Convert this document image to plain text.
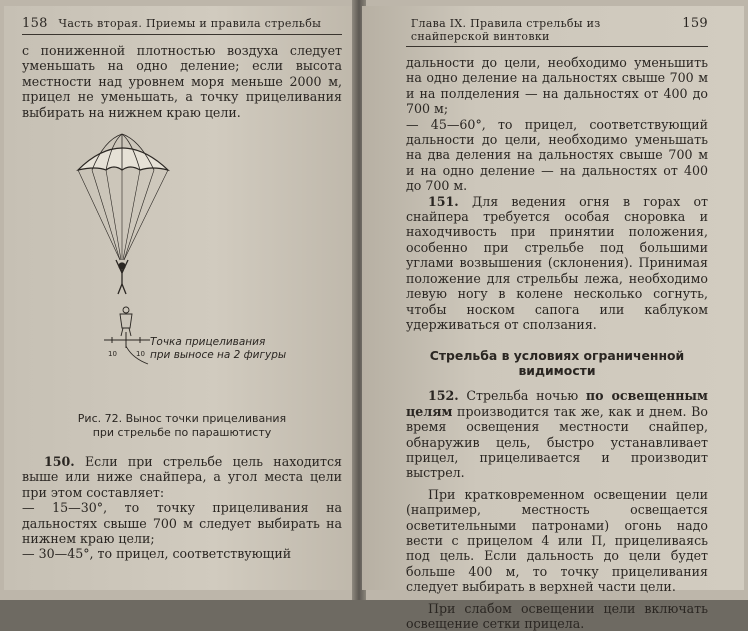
158 Часть вторая. Приемы и правила стрельбы

с пониженной плотностью воздуха следует уменьшать на одно деление; если высота местности над уровнем моря меньше 2000 м, прицел не уменьшать, а точку прицеливания выбирать на нижнем краю цели.

10	10
Точка прицеливания
при выносе на 2 фигуры
Рис. 72. Вынос точки прицеливания
при стрельбе по парашютисту

150. Если при стрельбе цель находится выше или ниже снайпера, а угол места цели при этом составляет:

— 15—30°, то точку прицеливания на дальностях свыше 700 м следует выбирать на нижнем краю цели;

— 30—45°, то прицел, соответствующий

Глава IX. Правила стрельбы из снайперской винтовки
159

дальности до цели, необходимо уменьшить на одно деление на дальностях свыше 700 м и на полделения — на дальностях от 400 до 700 м;

— 45—60°, то прицел, соответствующий дальности до цели, необходимо уменьшать на два деления на дальностях свыше 700 м и на одно деление — на дальностях от 400 до 700 м.

151. Для ведения огня в горах от снайпера требуется особая сноровка и находчивость при принятии положения, особенно при стрельбе под большими углами возвышения (склонения). Принимая положение для стрельбы лежа, необходимо левую ногу в колене несколько согнуть, чтобы носком сапога или каблуком удерживаться от сползания.

Стрельба в условиях ограниченной
видимости

152. Стрельба ночью по освещенным целям производится так же, как и днем. Во время освещения местности снайпер, обнаружив цель, быстро устанавливает прицел, прицеливается и производит выстрел.

При кратковременном освещении цели (например, местность освещается осветительными патронами) огонь надо вести с прицелом 4 или П, прицеливаясь под цель. Если дальность до цели будет больше 400 м, то точку прицеливания следует выбирать в верхней части цели.

При слабом освещении цели включать освещение сетки прицела.
